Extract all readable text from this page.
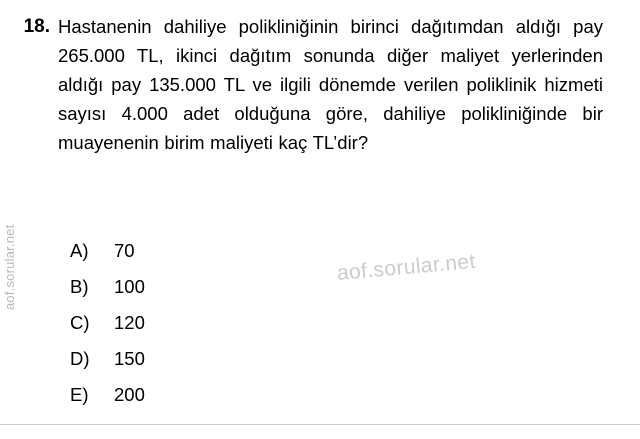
aof.sorular.net
18. Hastanenin dahiliye polikliniğinin birinci dağıtımdan aldığı pay 265.000 TL, ikinci dağıtım sonunda diğer maliyet yerlerinden aldığı pay 135.000 TL ve ilgili dönemde verilen poliklinik hizmeti sayısı 4.000 adet olduğuna göre, dahiliye polikliniğinde bir muayenenin birim maliyeti kaç TL’dir?
aof.sorular.net
A)	70
B)	100
C)	120
D)	150
E)	200
